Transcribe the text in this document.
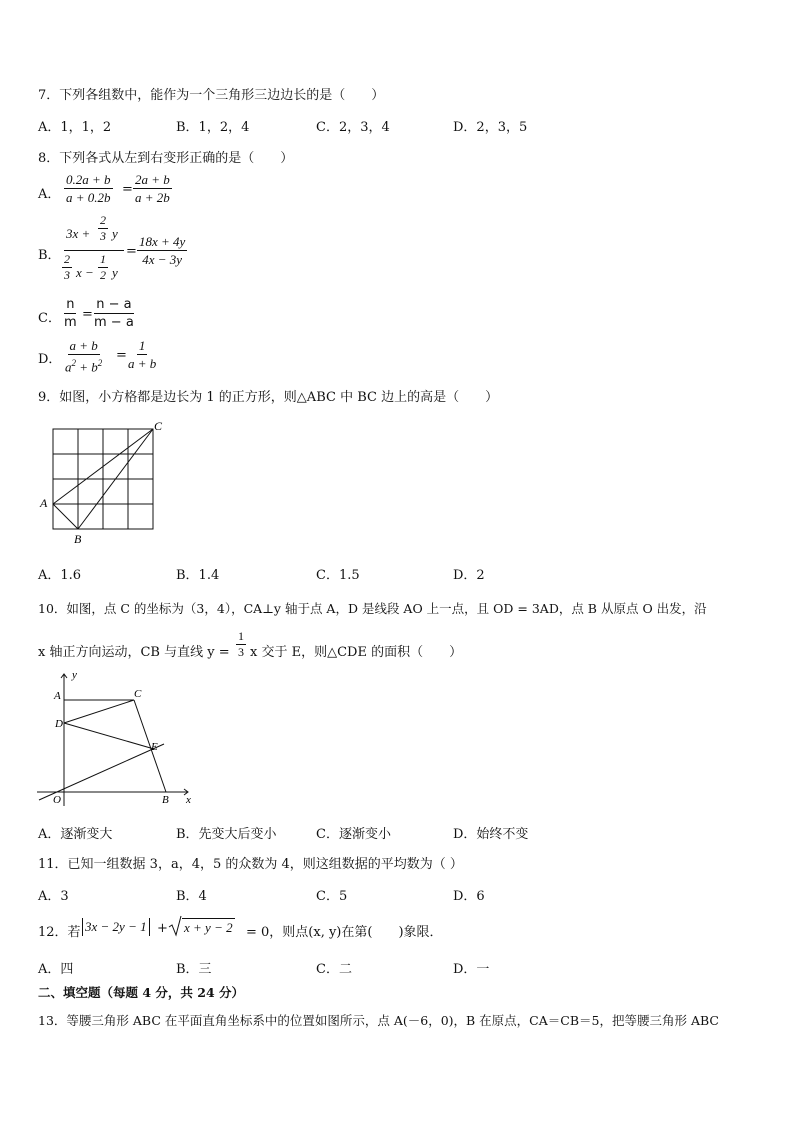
7．下列各组数中，能作为一个三角形三边边长的是（　　）
A．1，1，2	B．1，2，4	C．2，3，4	D．2，3，5
8．下列各式从左到右变形正确的是（　　）
A． $\frac{0.2a + b}{a + 0.2b} = \frac{2a + b}{a + 2b}$
B．
$3x + \frac{2}{3}$ y
$\frac{2}{3}$ $x - \frac{1}{2}$ y
= $\frac{18x + 4y}{4x - 3y}$
C． $\frac{n}{m} = \frac{n - a}{m - a}$
D． $\frac{a + b}{a^2 + b^2} = \frac{1}{a + b}$
9．如图，小方格都是边长为 1 的正方形，则△ABC 中 BC 边上的高是（　　）
A
B
C
A．1.6	B．1.4	C．1.5	D．2
10．如图，点 C 的坐标为（3，4），CA⊥y 轴于点 A，D 是线段 AO 上一点，且 OD = 3AD，点 B 从原点 O 出发，沿
x 轴正方向运动，CB 与直线 $y = \frac{1}{3}$ x 交于 E，则△CDE 的面积（　　）
y
A	C
D
E
O	B x
A．逐渐变大	B．先变大后变小	C．逐渐变小	D．始终不变
11．已知一组数据 3，a，4，5 的众数为 4，则这组数据的平均数为（ ）
A．3	B．4	C．5	D．6
12．若 3x − 2y − 1 + x + y − 2 = 0，则点(x, y)在第(　　)象限．
A．四	B．三	C．二	D．一
二、填空题（每题 4 分，共 24 分）
13．等腰三角形 ABC 在平面直角坐标系中的位置如图所示，点 A(－6，0)，B 在原点，CA＝CB＝5，把等腰三角形 ABC
